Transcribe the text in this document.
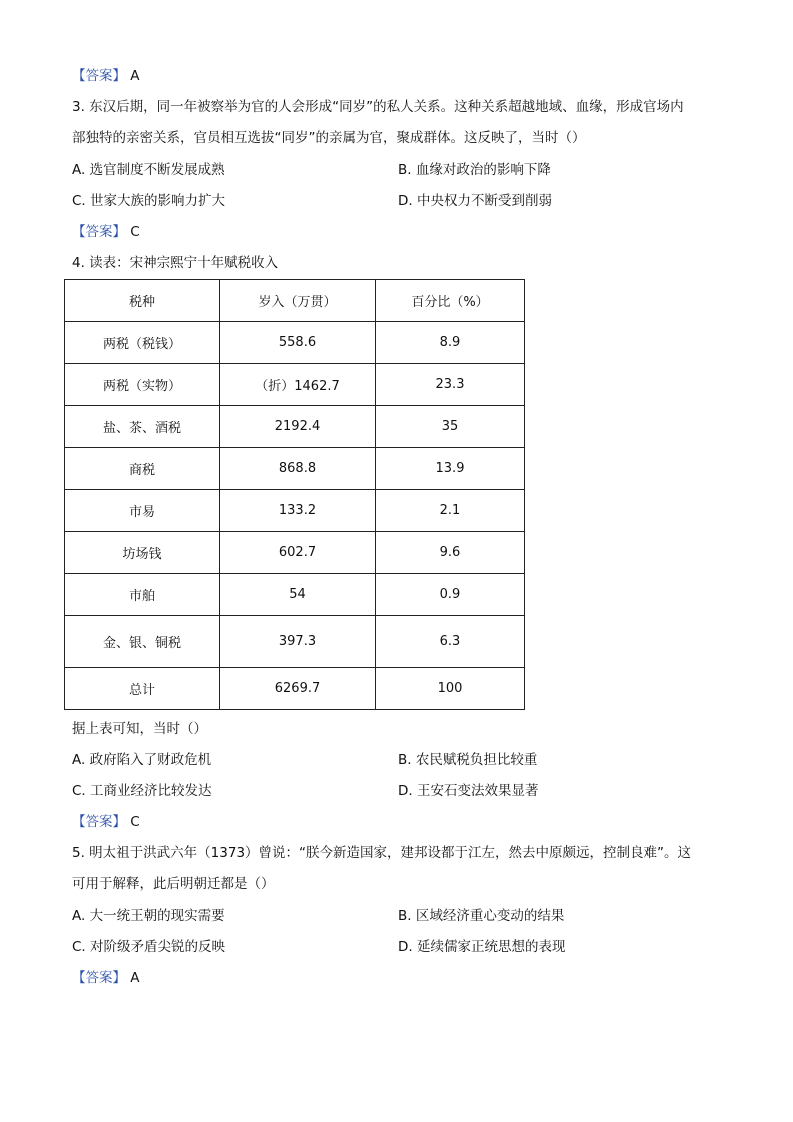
【答案】 A
3. 东汉后期，同一年被察举为官的人会形成“同岁”的私人关系。这种关系超越地域、血缘，形成官场内
部独特的亲密关系，官员相互选拔“同岁”的亲属为官，聚成群体。这反映了，当时（）
A. 选官制度不断发展成熟	B. 血缘对政治的影响下降
C. 世家大族的影响力扩大	D. 中央权力不断受到削弱
【答案】 C
4. 读表：宋神宗熙宁十年赋税收入
税种	岁入（万贯）	百分比（%）
两税（税钱）	558.6	8.9
两税（实物）	（折）1462.7	23.3
盐、茶、酒税	2192.4	35
商税	868.8	13.9
市易	133.2	2.1
坊场钱	602.7	9.6
市舶	54	0.9
金、银、铜税	397.3	6.3
总计	6269.7	100
据上表可知，当时（）
A. 政府陷入了财政危机	B. 农民赋税负担比较重
C. 工商业经济比较发达	D. 王安石变法效果显著
【答案】 C
5. 明太祖于洪武六年（1373）曾说：“朕今新造国家，建邦设都于江左，然去中原颇远，控制良难”。这
可用于解释，此后明朝迁都是（）
A. 大一统王朝的现实需要	B. 区域经济重心变动的结果
C. 对阶级矛盾尖锐的反映	D. 延续儒家正统思想的表现
【答案】 A
